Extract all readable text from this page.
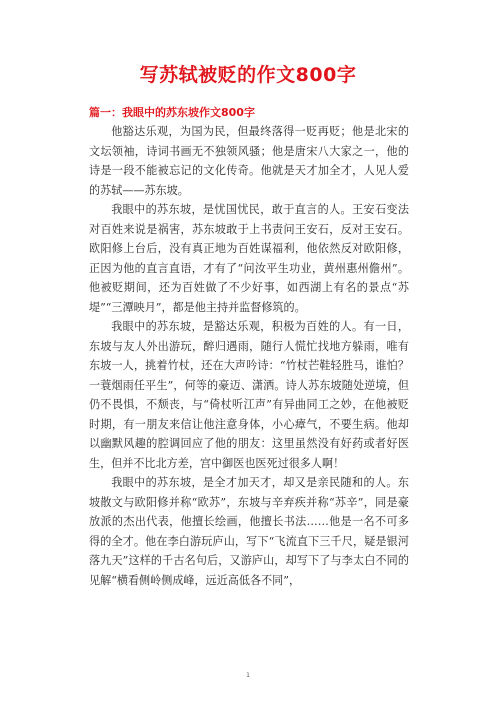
写苏轼被贬的作文800字
篇一：我眼中的苏东坡作文800字

他豁达乐观，为国为民，但最终落得一贬再贬；他是北宋的文坛领袖，诗词书画无不独领风骚；他是唐宋八大家之一，他的诗是一段不能被忘记的文化传奇。他就是天才加全才，人见人爱的苏轼——苏东坡。

我眼中的苏东坡，是忧国忧民，敢于直言的人。王安石变法对百姓来说是祸害，苏东坡敢于上书责问王安石，反对王安石。欧阳修上台后，没有真正地为百姓谋福利，他依然反对欧阳修，正因为他的直言直语，才有了“问汝平生功业，黄州惠州儋州”。他被贬期间，还为百姓做了不少好事，如西湖上有名的景点“苏堤”“三潭映月”，都是他主持并监督修筑的。

我眼中的苏东坡，是豁达乐观，积极为百姓的人。有一日，东坡与友人外出游玩，醉归遇雨，随行人慌忙找地方躲雨，唯有东坡一人，挑着竹杖，还在大声吟诗：“竹杖芒鞋轻胜马，谁怕？一蓑烟雨任平生”，何等的豪迈、潇洒。诗人苏东坡随处逆境，但仍不畏惧，不颓丧，与“倚杖听江声”有异曲同工之妙，在他被贬时期，有一朋友来信让他注意身体，小心瘴气，不要生病。他却以幽默风趣的腔调回应了他的朋友：这里虽然没有好药或者好医生，但并不比北方差，宫中御医也医死过很多人啊！

我眼中的苏东坡，是全才加天才，却又是亲民随和的人。东坡散文与欧阳修并称“欧苏”，东坡与辛弃疾并称“苏辛”，同是豪放派的杰出代表，他擅长绘画，他擅长书法……他是一名不可多得的全才。他在李白游玩庐山，写下“飞流直下三千尺，疑是银河落九天”这样的千古名句后，又游庐山，却写下了与李太白不同的见解“横看侧岭侧成峰，远近高低各不同”，

1
